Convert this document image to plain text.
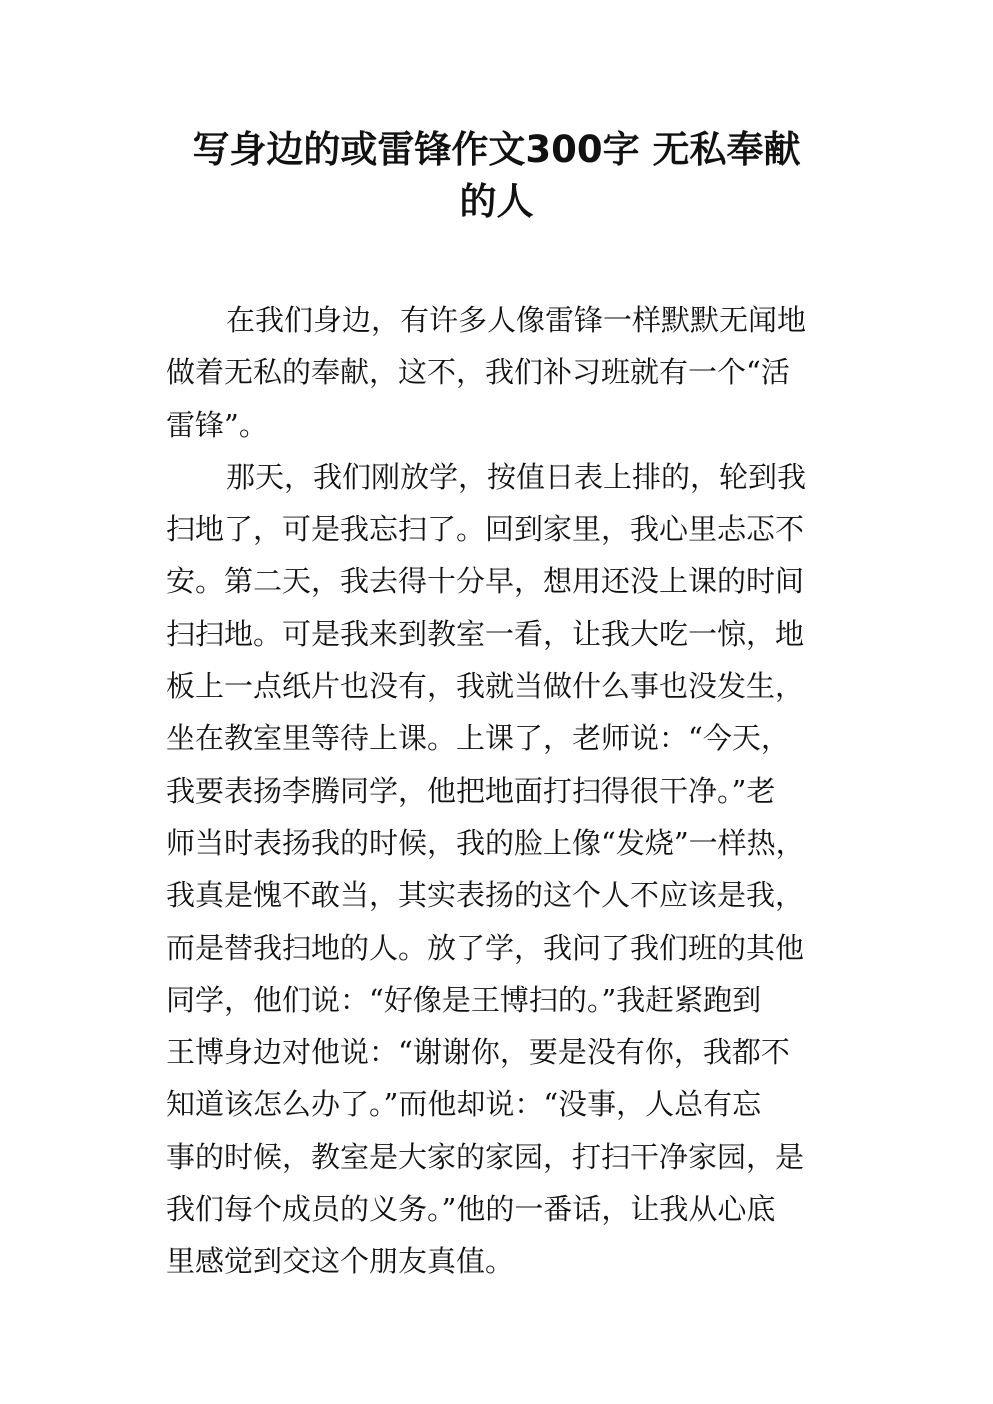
写身边的或雷锋作文300字 无私奉献
的人
在我们身边，有许多人像雷锋一样默默无闻地
做着无私的奉献，这不，我们补习班就有一个“活
雷锋”。
那天，我们刚放学，按值日表上排的，轮到我
扫地了，可是我忘扫了。回到家里，我心里忐忑不
安。第二天，我去得十分早，想用还没上课的时间
扫扫地。可是我来到教室一看，让我大吃一惊，地
板上一点纸片也没有，我就当做什么事也没发生，
坐在教室里等待上课。上课了，老师说：“今天，
我要表扬李腾同学，他把地面打扫得很干净。”老
师当时表扬我的时候，我的脸上像“发烧”一样热，
我真是愧不敢当，其实表扬的这个人不应该是我，
而是替我扫地的人。放了学，我问了我们班的其他
同学，他们说：“好像是王博扫的。”我赶紧跑到
王博身边对他说：“谢谢你，要是没有你，我都不
知道该怎么办了。”而他却说：“没事，人总有忘
事的时候，教室是大家的家园，打扫干净家园，是
我们每个成员的义务。”他的一番话，让我从心底
里感觉到交这个朋友真值。
